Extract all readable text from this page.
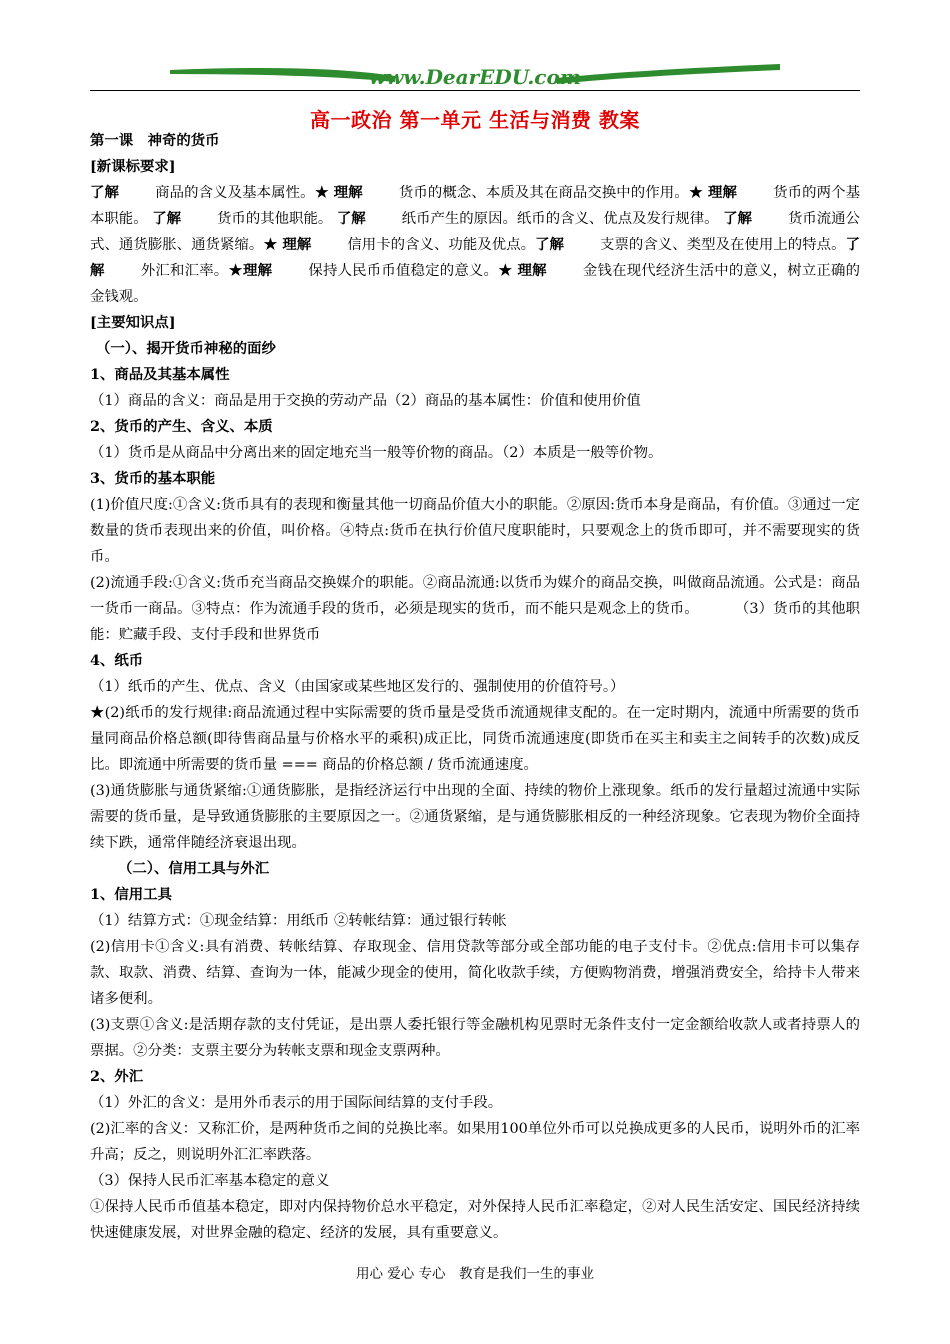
www.DearEDU.com
高一政治 第一单元 生活与消费 教案

第一课　神奇的货币

[新课标要求]

了解	商品的含义及基本属性。★ 理解	货币的概念、本质及其在商品交换中的作用。★ 理解	货币的两个基本职能。 了解	货币的其他职能。 了解	纸币产生的原因。纸币的含义、优点及发行规律。 了解	货币流通公式、通货膨胀、通货紧缩。★ 理解	信用卡的含义、功能及优点。了解	支票的含义、类型及在使用上的特点。了解	外汇和汇率。★理解	保持人民币币值稳定的意义。★ 理解	金钱在现代经济生活中的意义，树立正确的金钱观。

[主要知识点]

（一）、揭开货币神秘的面纱

1、商品及其基本属性

（1）商品的含义：商品是用于交换的劳动产品（2）商品的基本属性：价值和使用价值

2、货币的产生、含义、本质

（1）货币是从商品中分离出来的固定地充当一般等价物的商品。（2）本质是一般等价物。

3、货币的基本职能

(1)价值尺度:①含义:货币具有的表现和衡量其他一切商品价值大小的职能。②原因:货币本身是商品，有价值。③通过一定数量的货币表现出来的价值，叫价格。④特点:货币在执行价值尺度职能时，只要观念上的货币即可，并不需要现实的货币。

(2)流通手段:①含义:货币充当商品交换媒介的职能。②商品流通:以货币为媒介的商品交换，叫做商品流通。公式是：商品一货币一商品。③特点：作为流通手段的货币，必须是现实的货币，而不能只是观念上的货币。	（3）货币的其他职能：贮藏手段、支付手段和世界货币

4、纸币

（1）纸币的产生、优点、含义（由国家或某些地区发行的、强制使用的价值符号。）

★(2)纸币的发行规律:商品流通过程中实际需要的货币量是受货币流通规律支配的。在一定时期内，流通中所需要的货币量同商品价格总额(即待售商品量与价格水平的乘积)成正比，同货币流通速度(即货币在买主和卖主之间转手的次数)成反比。即流通中所需要的货币量 === 商品的价格总额 / 货币流通速度。

(3)通货膨胀与通货紧缩:①通货膨胀，是指经济运行中出现的全面、持续的物价上涨现象。纸币的发行量超过流通中实际需要的货币量，是导致通货膨胀的主要原因之一。②通货紧缩，是与通货膨胀相反的一种经济现象。它表现为物价全面持续下跌，通常伴随经济衰退出现。

（二）、信用工具与外汇

1、信用工具

（1）结算方式：①现金结算：用纸币 ②转帐结算：通过银行转帐

(2)信用卡①含义:具有消费、转帐结算、存取现金、信用贷款等部分或全部功能的电子支付卡。②优点:信用卡可以集存款、取款、消费、结算、查询为一体，能减少现金的使用，简化收款手续，方便购物消费，增强消费安全，给持卡人带来诸多便利。

(3)支票①含义:是活期存款的支付凭证，是出票人委托银行等金融机构见票时无条件支付一定金额给收款人或者持票人的票据。②分类：支票主要分为转帐支票和现金支票两种。

2、外汇

（1）外汇的含义：是用外币表示的用于国际间结算的支付手段。

(2)汇率的含义：又称汇价，是两种货币之间的兑换比率。如果用100单位外币可以兑换成更多的人民币，说明外币的汇率升高；反之，则说明外汇汇率跌落。

（3）保持人民币汇率基本稳定的意义

①保持人民币币值基本稳定，即对内保持物价总水平稳定，对外保持人民币汇率稳定，②对人民生活安定、国民经济持续快速健康发展，对世界金融的稳定、经济的发展，具有重要意义。

用心 爱心 专心　教育是我们一生的事业
